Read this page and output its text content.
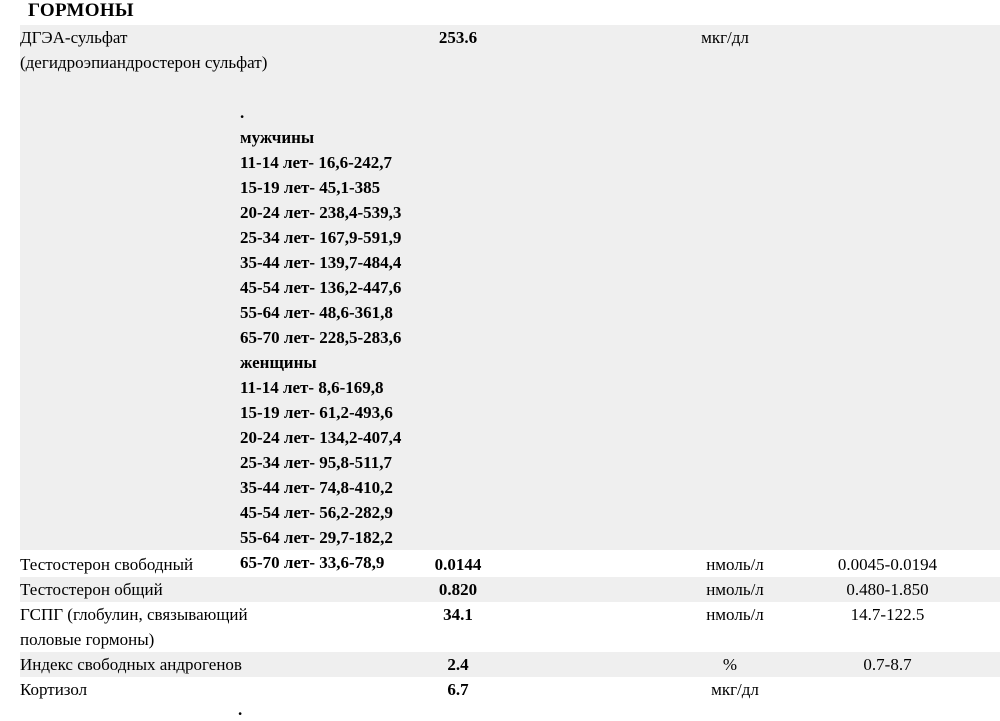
ГОРМОНЫ
ДГЭА-сульфат
(дегидроэпиандростерон сульфат)
253.6	мкг/дл
.
мужчины
11-14 лет- 16,6-242,7
15-19 лет- 45,1-385
20-24 лет- 238,4-539,3
25-34 лет- 167,9-591,9
35-44 лет- 139,7-484,4
45-54 лет- 136,2-447,6
55-64 лет- 48,6-361,8
65-70 лет- 228,5-283,6
женщины
11-14 лет- 8,6-169,8
15-19 лет- 61,2-493,6
20-24 лет- 134,2-407,4
25-34 лет- 95,8-511,7
35-44 лет- 74,8-410,2
45-54 лет- 56,2-282,9
55-64 лет- 29,7-182,2
65-70 лет- 33,6-78,9
Тестостерон свободный	0.0144	нмоль/л	0.0045-0.0194
Тестостерон общий	0.820	нмоль/л	0.480-1.850
ГСПГ (глобулин, связывающий
половые гормоны)
34.1	нмоль/л	14.7-122.5
Индекс свободных андрогенов	2.4	%	0.7-8.7
Кортизол	6.7	мкг/дл
.
